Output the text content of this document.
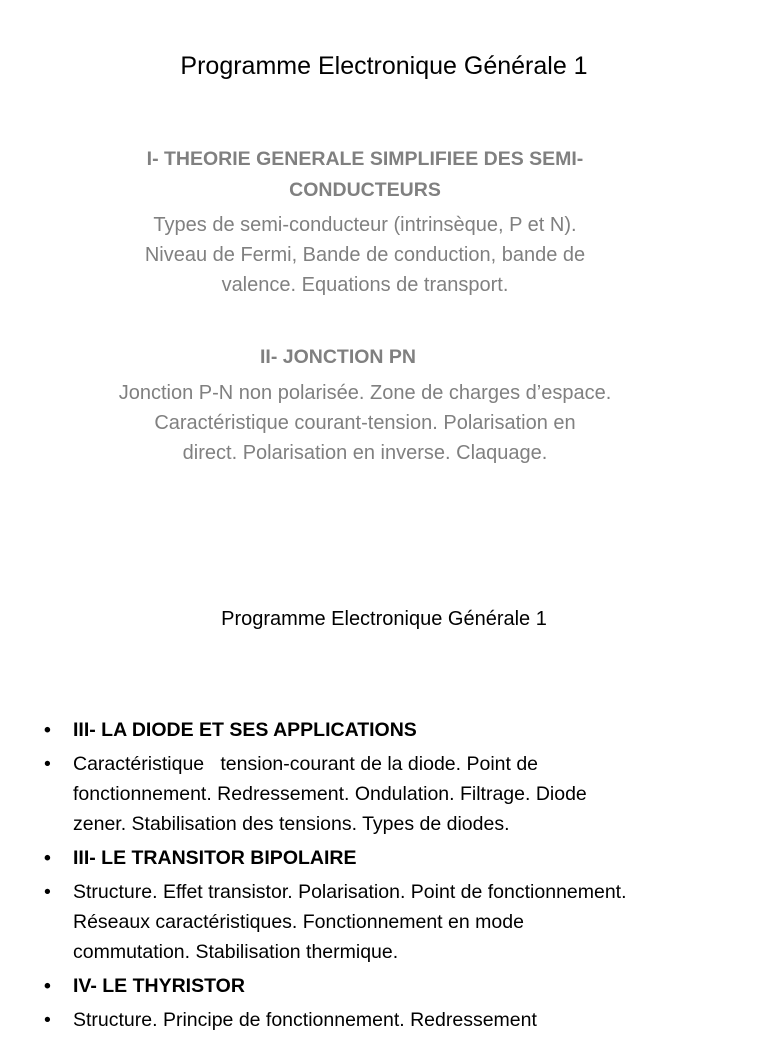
Programme Electronique Générale 1
I- THEORIE GENERALE SIMPLIFIEE DES SEMI-
CONDUCTEURS
Types de semi-conducteur (intrinsèque, P et N).
Niveau de Fermi, Bande de conduction, bande de
valence. Equations de transport.
II- JONCTION PN
Jonction P-N non polarisée. Zone de charges d’espace.
Caractéristique courant-tension. Polarisation en
direct. Polarisation en inverse. Claquage.
Programme Electronique Générale 1
•	III- LA DIODE ET SES APPLICATIONS
•	Caractéristique   tension-courant de la diode. Point de
fonctionnement. Redressement. Ondulation. Filtrage. Diode
zener. Stabilisation des tensions. Types de diodes.
•	III- LE TRANSITOR BIPOLAIRE
•	Structure. Effet transistor. Polarisation. Point de fonctionnement.
Réseaux caractéristiques. Fonctionnement en mode
commutation. Stabilisation thermique.
•	IV- LE THYRISTOR
•	Structure. Principe de fonctionnement. Redressement
